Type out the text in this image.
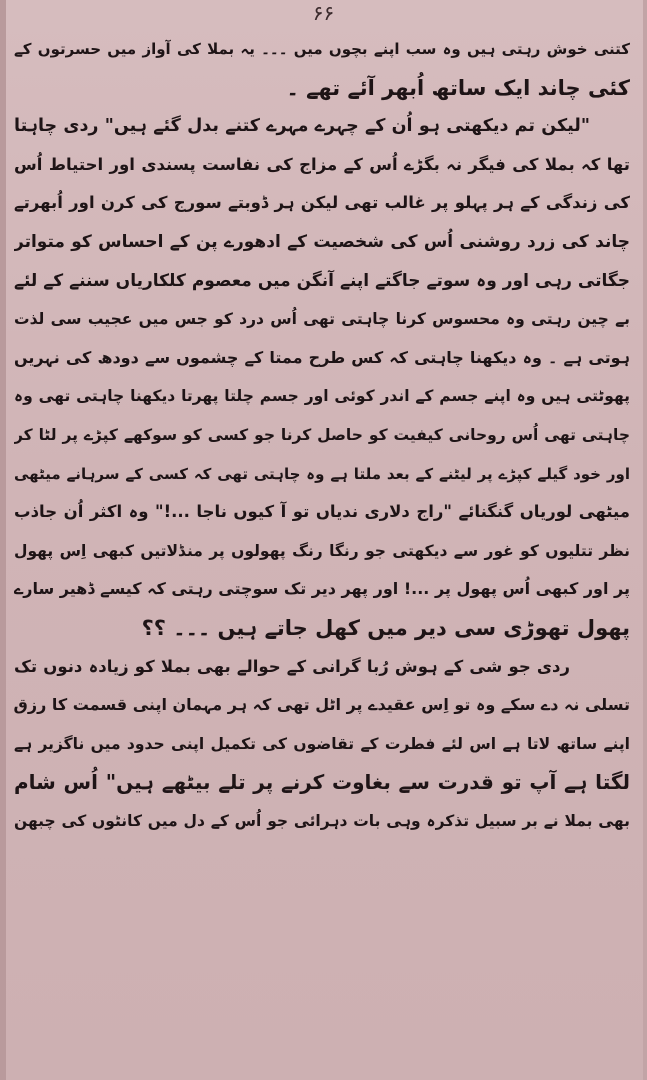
۶۶
کتنی خوش رہتی ہیں وہ سب اپنے بچوں میں ۔۔۔ یہ بملا کی آواز میں حسرتوں کے
کئی چاند ایک ساتھ اُبھر آئے تھے ۔
"لیکن تم دیکھتی ہو اُن کے چہرے مہرے کتنے بدل گئے ہیں" ردی چاہتا
تھا کہ بملا کی فیگر نہ بگڑے اُس کے مزاج کی نفاست پسندی اور احتیاط اُس
کی زندگی کے ہر پہلو پر غالب تھی لیکن ہر ڈوبتے سورج کی کرن اور اُبھرتے
چاند کی زرد روشنی اُس کی شخصیت کے ادھورے پن کے احساس کو متواتر
جگاتی رہی اور وہ سوتے جاگتے اپنے آنگن میں معصوم کلکاریاں سننے کے لئے
بے چین رہتی وہ محسوس کرنا چاہتی تھی اُس درد کو جس میں عجیب سی لذت
ہوتی ہے ۔ وہ دیکھنا چاہتی کہ کس طرح ممتا کے چشموں سے دودھ کی نہریں
پھوٹتی ہیں وہ اپنے جسم کے اندر کوئی اور جسم چلتا پھرتا دیکھنا چاہتی تھی وہ
چاہتی تھی اُس روحانی کیفیت کو حاصل کرنا جو کسی کو سوکھے کپڑے پر لٹا کر
اور خود گیلے کپڑے پر لیٹنے کے بعد ملتا ہے وہ چاہتی تھی کہ کسی کے سرہانے میٹھی
میٹھی لوریاں گنگنائے "راج دلاری ندیاں تو آ کیوں ناجا ...!" وہ اکثر اُن جاذب
نظر تتلیوں کو غور سے دیکھتی جو رنگا رنگ پھولوں پر منڈلاتیں کبھی اِس پھول
پر اور کبھی اُس پھول پر ...! اور پھر دیر تک سوچتی رہتی کہ کیسے ڈھیر سارے
پھول تھوڑی سی دیر میں کھل جاتے ہیں ۔۔۔ ؟؟
ردی جو شی کے ہوش رُبا گرانی کے حوالے بھی بملا کو زیادہ دنوں تک
تسلی نہ دے سکے وہ تو اِس عقیدے پر اٹل تھی کہ ہر مہمان اپنی قسمت کا رزق
اپنے ساتھ لاتا ہے اس لئے فطرت کے تقاضوں کی تکمیل اپنی حدود میں ناگزیر ہے
لگتا ہے آپ تو قدرت سے بغاوت کرنے پر تلے بیٹھے ہیں" اُس شام
بھی بملا نے بر سبیل تذکرہ وہی بات دہرائی جو اُس کے دل میں کانٹوں کی چبھن
